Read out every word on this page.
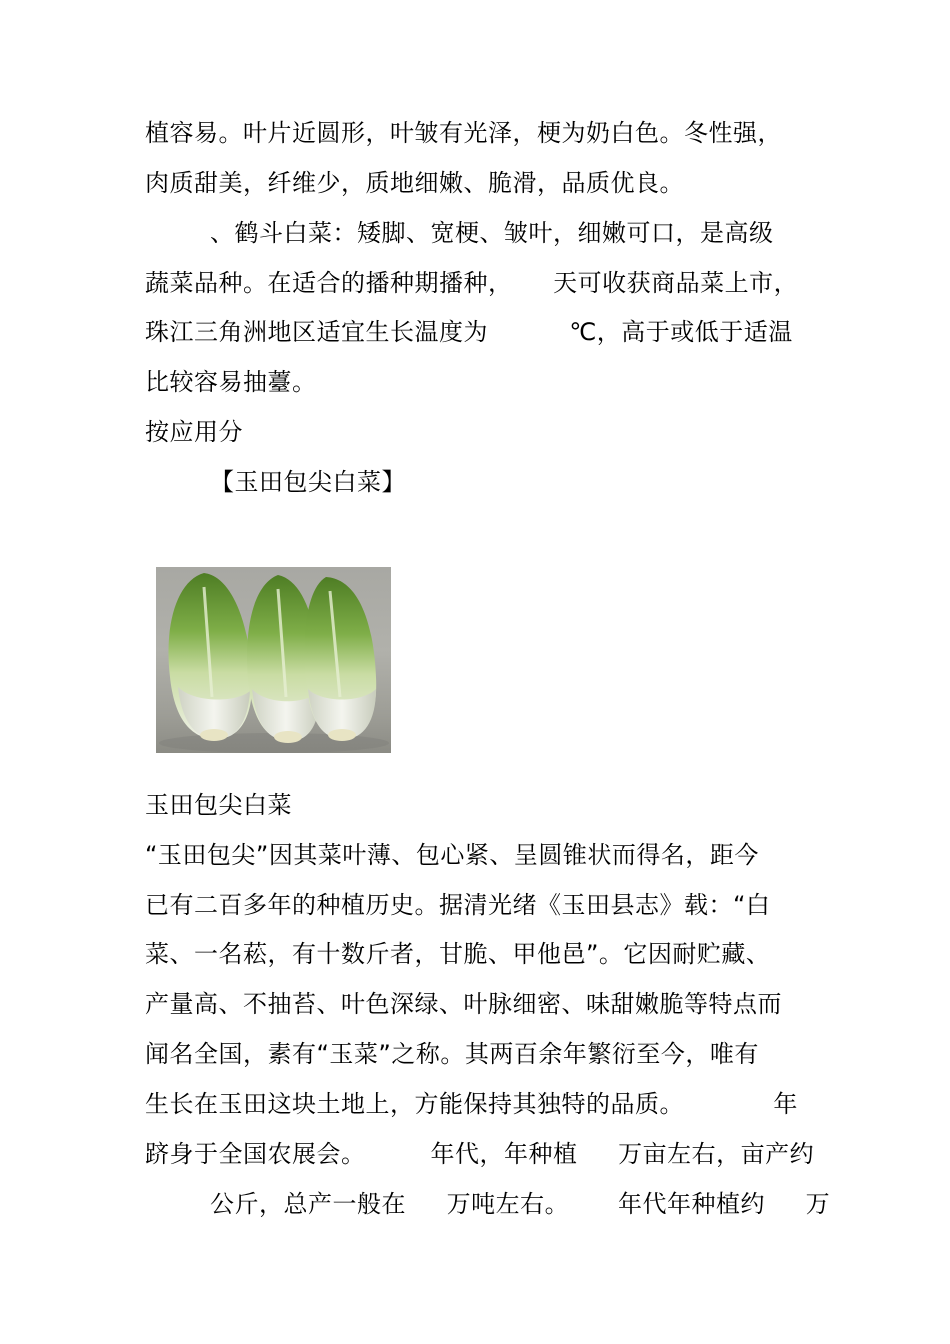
植容易。叶片近圆形，叶皱有光泽，梗为奶白色。冬性强，
肉质甜美，纤维少，质地细嫩、脆滑，品质优良。
、鹤斗白菜：矮脚、宽梗、皱叶，细嫩可口，是高级
蔬菜品种。在适合的播种期播种，     天可收获商品菜上市，
珠江三角洲地区适宜生长温度为          ℃，高于或低于适温
比较容易抽薹。
按应用分
【玉田包尖白菜】
玉田包尖白菜
“玉田包尖”因其菜叶薄、包心紧、呈圆锥状而得名，距今
已有二百多年的种植历史。据清光绪《玉田县志》载：“白
菜、一名菘，有十数斤者，甘脆、甲他邑”。它因耐贮藏、
产量高、不抽苔、叶色深绿、叶脉细密、味甜嫩脆等特点而
闻名全国，素有“玉菜”之称。其两百余年繁衍至今，唯有
生长在玉田这块土地上，方能保持其独特的品质。           年
跻身于全国农展会。        年代，年种植     万亩左右，亩产约
公斤，总产一般在     万吨左右。      年代年种植约     万
